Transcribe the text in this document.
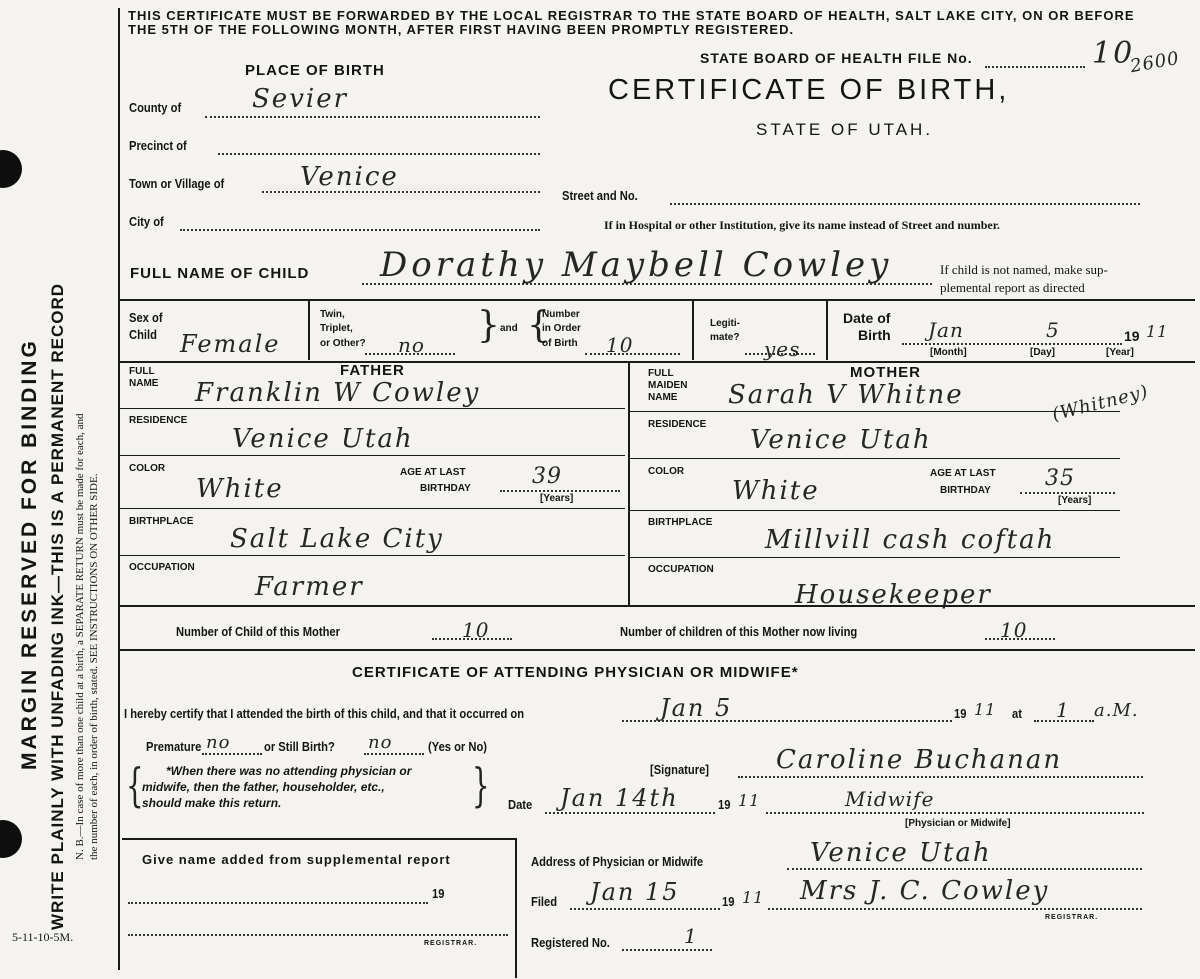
MARGIN RESERVED FOR BINDING WRITE PLAINLY WITH UNFADING INK—THIS IS A PERMANENT RECORD N. B.—In case of more than one child at a birth, a SEPARATE RETURN must be made for each, and the number of each, in order of birth, stated. SEE INSTRUCTIONS ON OTHER SIDE.
5-11-10-5M.
THIS CERTIFICATE MUST BE FORWARDED BY THE LOCAL REGISTRAR TO THE STATE BOARD OF HEALTH, SALT LAKE CITY, ON OR BEFORE THE 5TH OF THE FOLLOWING MONTH, AFTER FIRST HAVING BEEN PROMPTLY REGISTERED.
STATE BOARD OF HEALTH FILE No.	10
2600
CERTIFICATE OF BIRTH,
STATE OF UTAH.
PLACE OF BIRTH
County of	Sevier
Precinct of
Town or Village of	Venice
City of
Street and No.
If in Hospital or other Institution, give its name instead of Street and number.
FULL NAME OF CHILD Dorathy Maybell Cowley	If child is not named, make sup-
plemental report as directed
Sex of
Child Female
Twin,
Triplet,
or Other? no } and {
Number
in Order
of Birth 10
Legiti-
mate? yes
Date of
Birth Jan	5	19 11
[Month]	[Day]	[Year]
FATHER
FULL
NAME Franklin W Cowley
RESIDENCE
Venice Utah
COLOR
White
AGE AT LAST
BIRTHDAY	39
[Years]
BIRTHPLACE
Salt Lake City
OCCUPATION
Farmer
MOTHER
FULL
MAIDEN
NAME Sarah V Whitne	(Whitney)
RESIDENCE
Venice Utah
COLOR
White
AGE AT LAST
BIRTHDAY 35
[Years]
BIRTHPLACE
Millvill cash coftah
OCCUPATION
Housekeeper
Number of Child of this Mother	10	Number of children of this Mother now living	10
CERTIFICATE OF ATTENDING PHYSICIAN OR MIDWIFE*
I hereby certify that I attended the birth of this child, and that it occurred on	Jan 5	19 11 at 1 a.M.
Premature no	or Still Birth? no	(Yes or No)
{	}
*When there was no attending physician or
midwife, then the father, householder, etc.,
should make this return.
[Signature]	Caroline Buchanan
Date Jan 14th	19 11	Midwife
[Physician or Midwife]
Give name added from supplemental report
19
REGISTRAR.
Address of Physician or Midwife	Venice Utah
Filed Jan 15	19 11 Mrs J. C. Cowley
REGISTRAR.
Registered No.	1
